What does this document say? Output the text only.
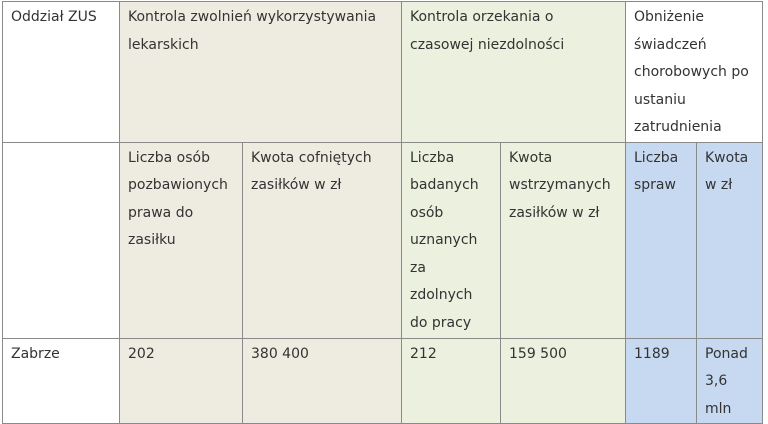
Oddział ZUS	Kontrola zwolnień wykorzystywania lekarskich		Kontrola orzekania o czasowej niezdolności		Obniżenie świadczeń chorobowych po ustaniu zatrudnienia	
	Liczba osób pozbawionych prawa do zasiłku	Kwota cofniętych zasiłków w zł	Liczba badanych osób uznanych za zdolnych do pracy	Kwota wstrzymanych zasiłków w zł	Liczba spraw	Kwota w zł
Zabrze	202	380 400	212	159 500	1189	Ponad 3,6 mln
